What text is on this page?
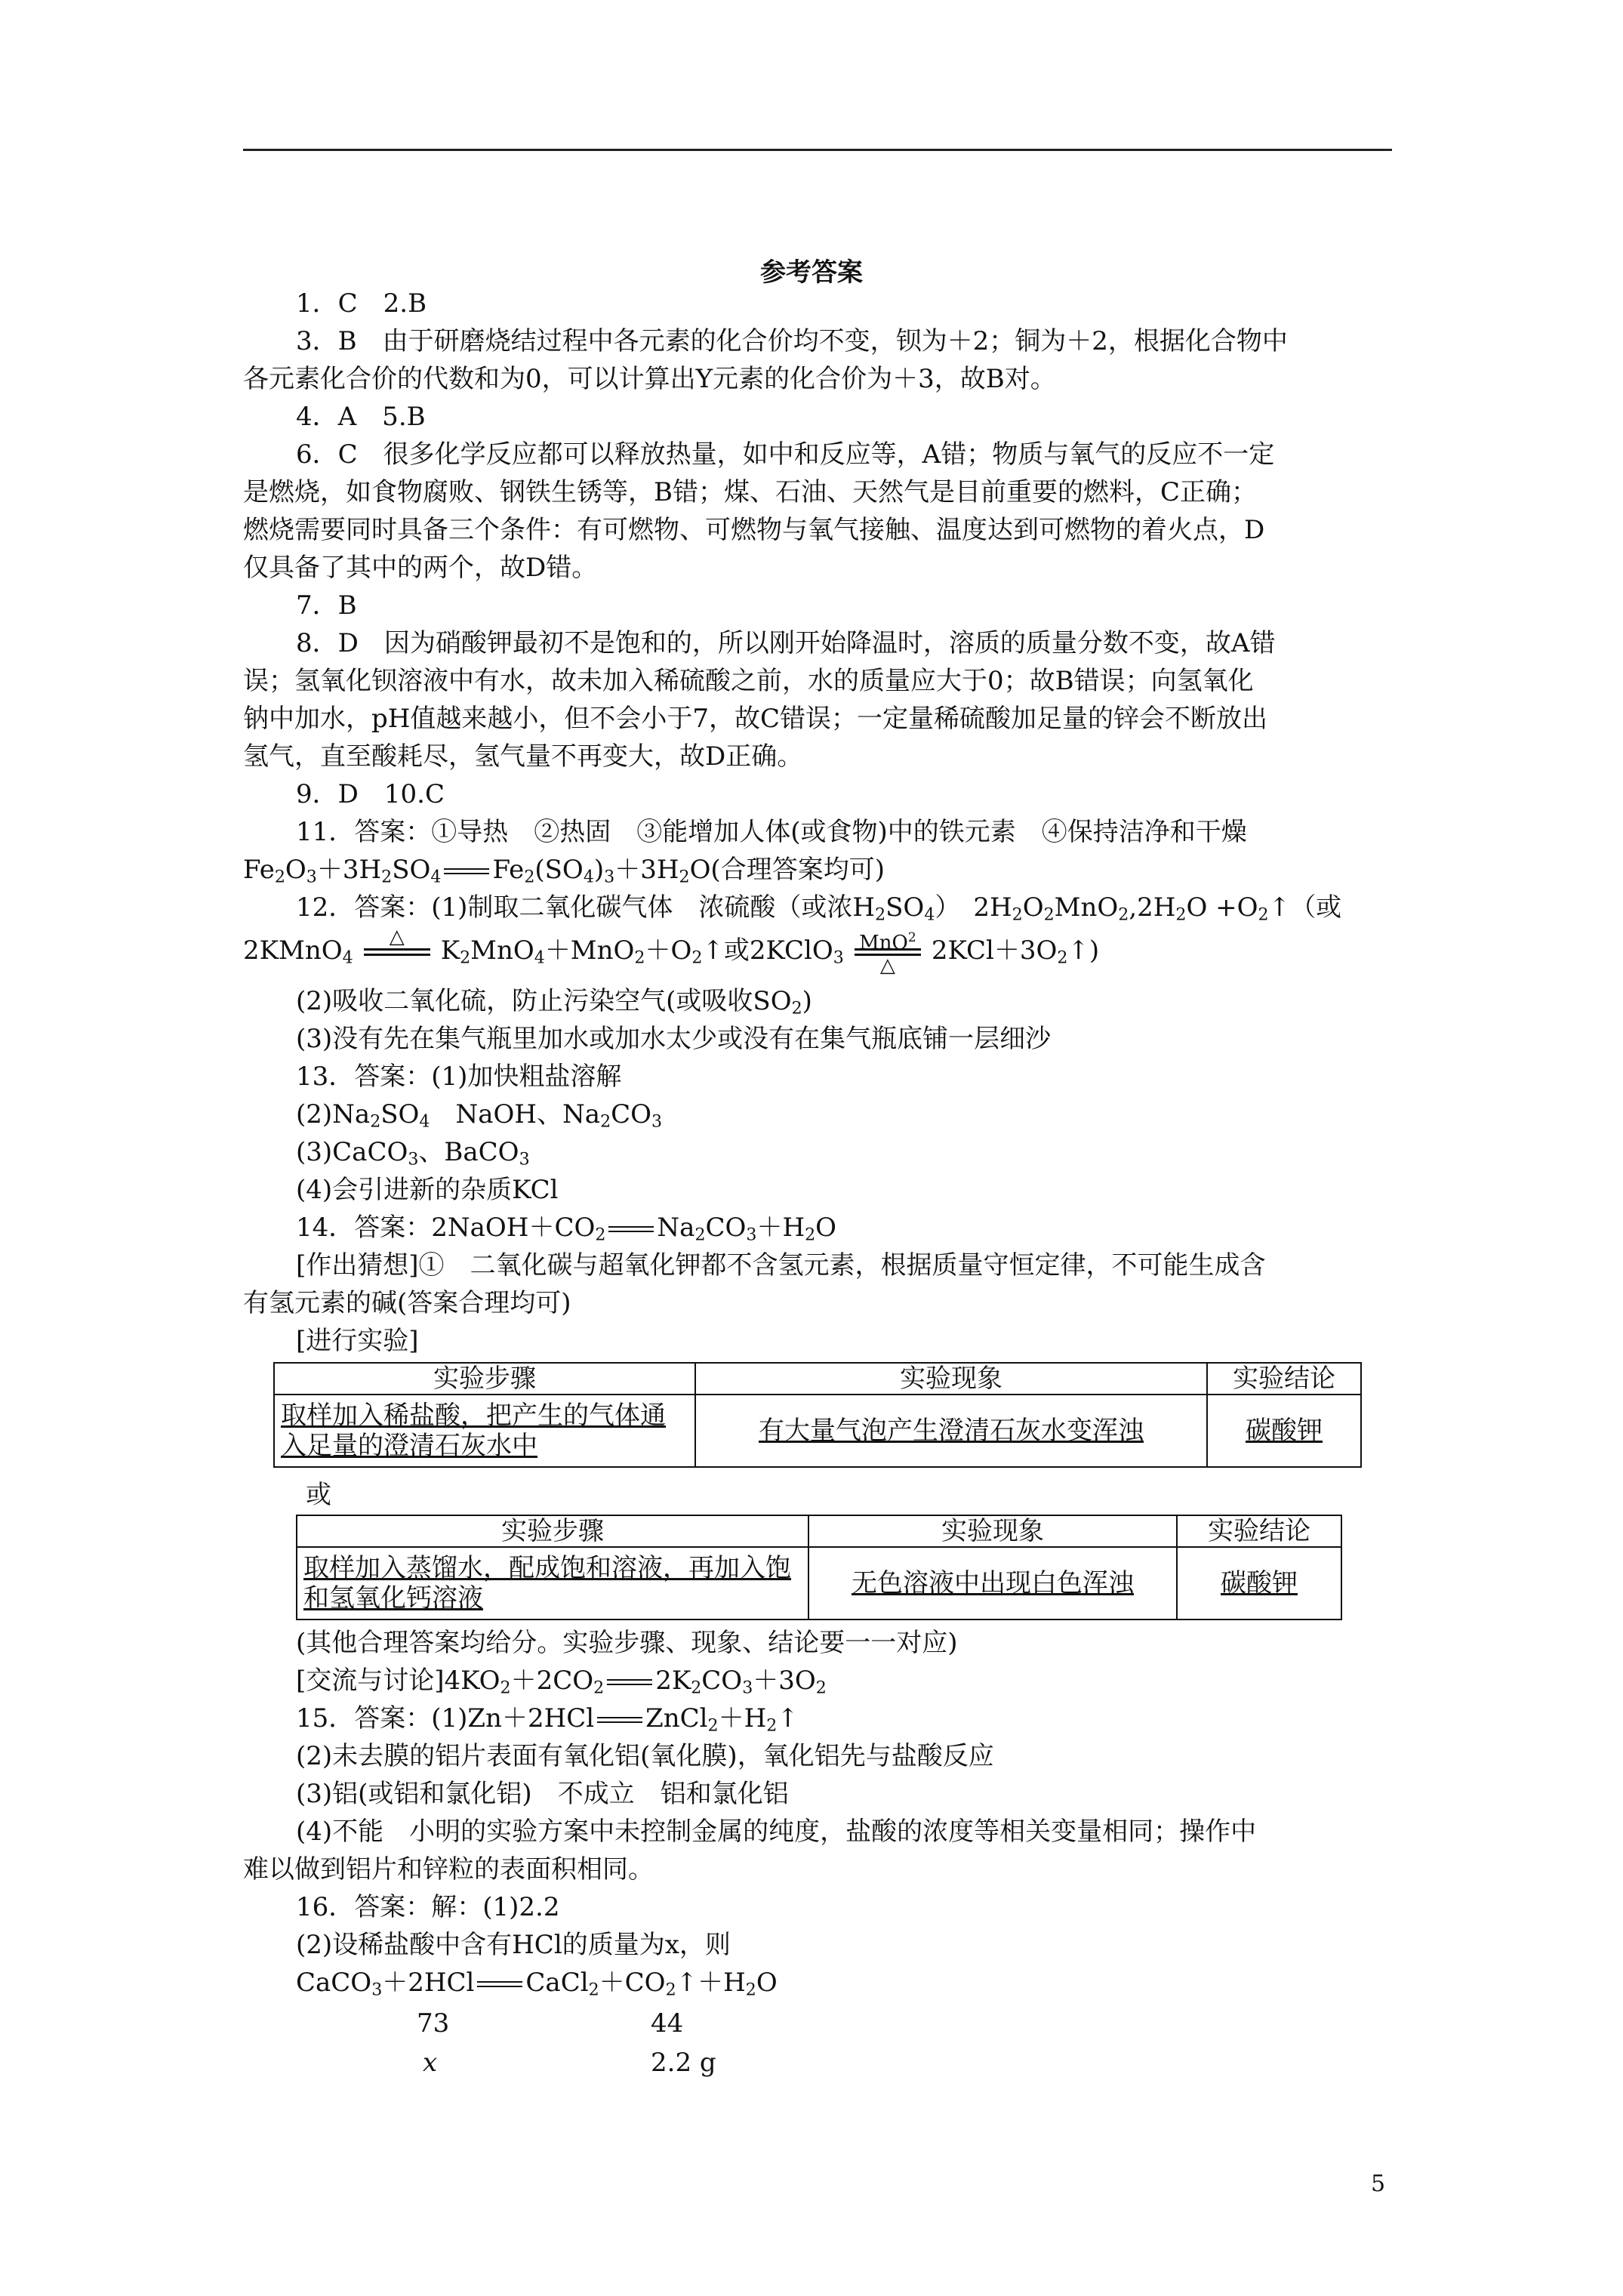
参考答案
1．C　2.B
3．B　由于研磨烧结过程中各元素的化合价均不变，钡为＋2；铜为＋2，根据化合物中
各元素化合价的代数和为0，可以计算出Y元素的化合价为＋3，故B对。
4．A　5.B
6．C　很多化学反应都可以释放热量，如中和反应等，A错；物质与氧气的反应不一定
是燃烧，如食物腐败、钢铁生锈等，B错；煤、石油、天然气是目前重要的燃料，C正确；
燃烧需要同时具备三个条件：有可燃物、可燃物与氧气接触、温度达到可燃物的着火点，D
仅具备了其中的两个，故D错。
7．B
8．D　因为硝酸钾最初不是饱和的，所以刚开始降温时，溶质的质量分数不变，故A错
误；氢氧化钡溶液中有水，故未加入稀硫酸之前，水的质量应大于0；故B错误；向氢氧化
钠中加水，pH值越来越小，但不会小于7，故C错误；一定量稀硫酸加足量的锌会不断放出
氢气，直至酸耗尽，氢气量不再变大，故D正确。
9．D　10.C
11．答案：①导热　②热固　③能增加人体(或食物)中的铁元素　④保持洁净和干燥
$Fe_2O_3+3H_2SO_4$ $Fe_2(SO_4)_3+3H_2O$(合理答案均可)
12．答案：(1)制取二氧化碳气体　浓硫酸（或浓$H_2SO_4$）　$2H_2O_2MnO_2,2H_2O$ $+O_2↑$（或
2KMnO$_4$
△
	$K_2MnO_4+MnO_2+O_2↑$或2KClO$_3$
MnO$^2$
△	$2KCl+3O_2↑$)
(2)吸收二氧化硫，防止污染空气(或吸收$SO_2$)
(3)没有先在集气瓶里加水或加水太少或没有在集气瓶底铺一层细沙
13．答案：(1)加快粗盐溶解
$(2)Na_2SO_4$　NaOH、$Na_2CO_3$
(3)CaCO$_3$、BaCO$_3$
(4)会引进新的杂质KCl
14．答案：$2NaOH+CO_2$ $Na_2CO_3+H_2O$
[作出猜想]①　二氧化碳与超氧化钾都不含氢元素，根据质量守恒定律，不可能生成含
有氢元素的碱(答案合理均可)
[进行实验]
实验步骤	实验现象	实验结论
取样加入稀盐酸，把产生的气体通入足量的澄清石灰水中	有大量气泡产生澄清石灰水变浑浊	碳酸钾
或
实验步骤	实验现象	实验结论
取样加入蒸馏水，配成饱和溶液，再加入饱和氢氧化钙溶液	无色溶液中出现白色浑浊	碳酸钾
(其他合理答案均给分。实验步骤、现象、结论要一一对应)
[交流与讨论]$4KO_2+2CO_2$ $2K_2CO_3+3O_2$
15．答案：(1)Zn＋2HCl $ZnCl_2+H_2↑$
(2)未去膜的铝片表面有氧化铝(氧化膜)，氧化铝先与盐酸反应
(3)铝(或铝和氯化铝)　不成立　铝和氯化铝
(4)不能　小明的实验方案中未控制金属的纯度，盐酸的浓度等相关变量相同；操作中
难以做到铝片和锌粒的表面积相同。
16．答案：解：(1)2.2
(2)设稀盐酸中含有HCl的质量为x，则
CaCO$_3$＋2HCl $CaCl_2+CO_2↑+H_2O$
73	44
x	2.2 g
5
